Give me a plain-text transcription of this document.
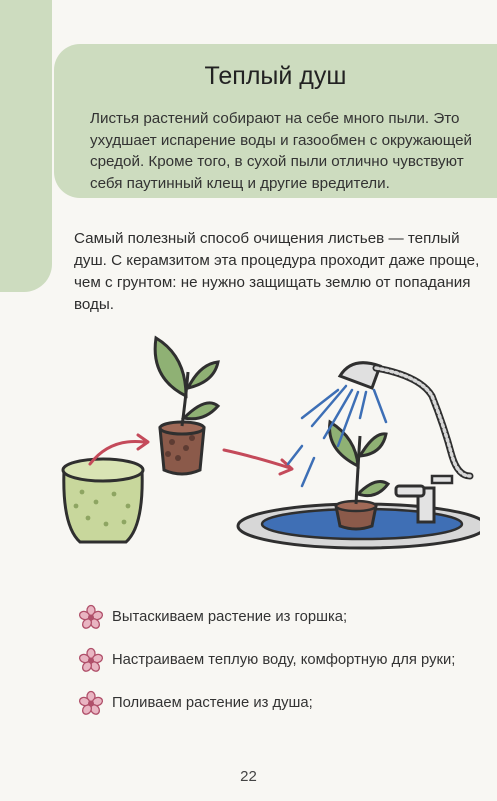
Теплый душ
Листья растений собирают на себе много пыли. Это ухудшает испарение воды и газообмен с окружающей средой. Кроме того, в сухой пыли отлично чувствуют себя паутинный клещ и другие вредители.
Самый полезный способ очищения листьев — теплый душ. С керамзитом эта процедура проходит даже проще, чем с грунтом: не нужно защищать землю от попадания воды.
Вытаскиваем растение из горшка;
Настраиваем теплую воду, комфортную для руки;
Поливаем растение из душа;
22
